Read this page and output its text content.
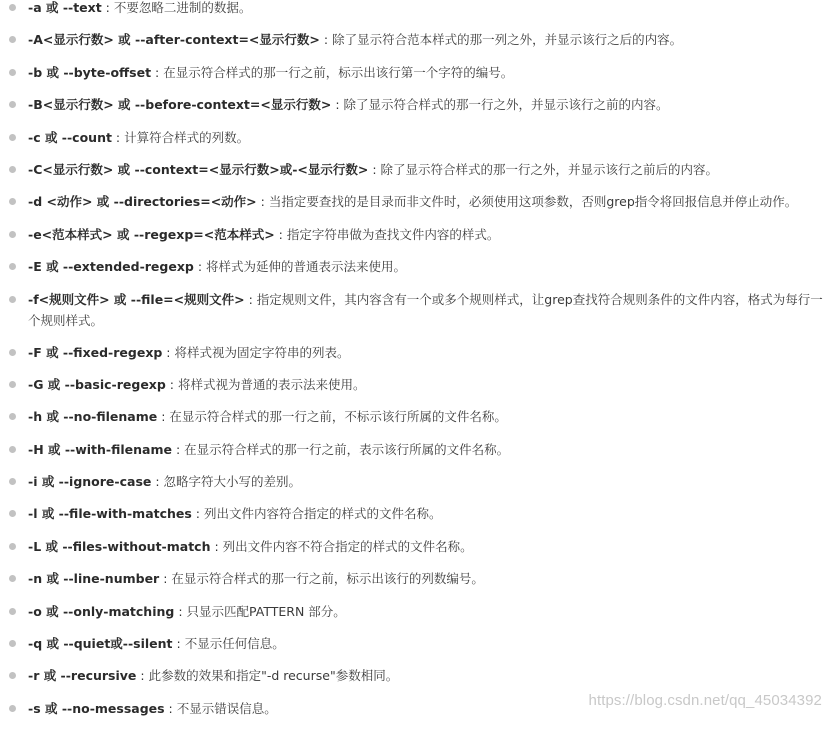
-a 或 --text : 不要忽略二进制的数据。
-A<显示行数> 或 --after-context=<显示行数> : 除了显示符合范本样式的那一列之外，并显示该行之后的内容。
-b 或 --byte-offset : 在显示符合样式的那一行之前，标示出该行第一个字符的编号。
-B<显示行数> 或 --before-context=<显示行数> : 除了显示符合样式的那一行之外，并显示该行之前的内容。
-c 或 --count : 计算符合样式的列数。
-C<显示行数> 或 --context=<显示行数>或-<显示行数> : 除了显示符合样式的那一行之外，并显示该行之前后的内容。
-d <动作> 或 --directories=<动作> : 当指定要查找的是目录而非文件时，必须使用这项参数，否则grep指令将回报信息并停止动作。
-e<范本样式> 或 --regexp=<范本样式> : 指定字符串做为查找文件内容的样式。
-E 或 --extended-regexp : 将样式为延伸的普通表示法来使用。
-f<规则文件> 或 --file=<规则文件> : 指定规则文件，其内容含有一个或多个规则样式，让grep查找符合规则条件的文件内容，格式为每行一个规则样式。
-F 或 --fixed-regexp : 将样式视为固定字符串的列表。
-G 或 --basic-regexp : 将样式视为普通的表示法来使用。
-h 或 --no-filename : 在显示符合样式的那一行之前，不标示该行所属的文件名称。
-H 或 --with-filename : 在显示符合样式的那一行之前，表示该行所属的文件名称。
-i 或 --ignore-case : 忽略字符大小写的差别。
-l 或 --file-with-matches : 列出文件内容符合指定的样式的文件名称。
-L 或 --files-without-match : 列出文件内容不符合指定的样式的文件名称。
-n 或 --line-number : 在显示符合样式的那一行之前，标示出该行的列数编号。
-o 或 --only-matching : 只显示匹配PATTERN 部分。
-q 或 --quiet或--silent : 不显示任何信息。
-r 或 --recursive : 此参数的效果和指定"-d recurse"参数相同。
-s 或 --no-messages : 不显示错误信息。	https://blog.csdn.net/qq_45034392
